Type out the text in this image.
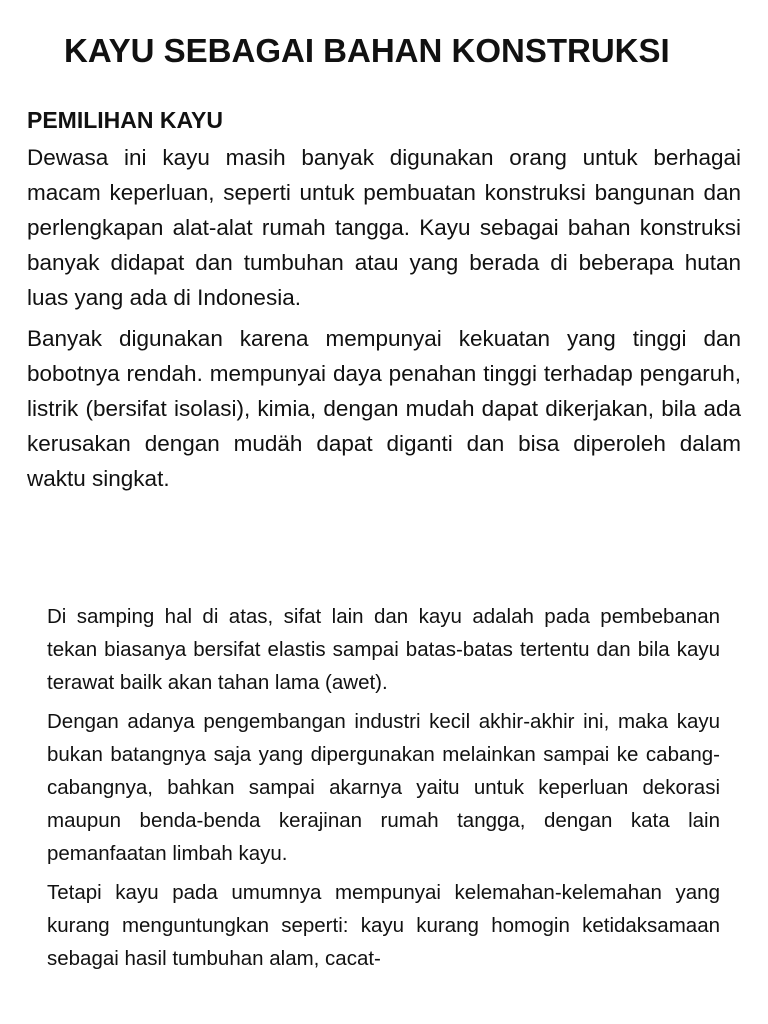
KAYU SEBAGAI BAHAN KONSTRUKSI
PEMILIHAN KAYU

Dewasa ini kayu masih banyak digunakan orang untuk berhagai macam keperluan, seperti untuk pembuatan konstruksi bangunan dan perlengkapan alat-alat rumah tangga. Kayu sebagai bahan konstruksi banyak didapat dan tumbuhan atau yang berada di beberapa hutan luas yang ada di Indonesia.

Banyak digunakan karena mempunyai kekuatan yang tinggi dan bobotnya rendah. mempunyai daya penahan tinggi terhadap pengaruh, listrik (bersifat isolasi), kimia, dengan mudah dapat dikerjakan, bila ada kerusakan dengan mudäh dapat diganti dan bisa diperoleh dalam waktu singkat.

Di samping hal di atas, sifat lain dan kayu adalah pada pembebanan tekan biasanya bersifat elastis sampai batas-batas tertentu dan bila kayu terawat bailk akan tahan lama (awet).

Dengan adanya pengembangan industri kecil akhir-akhir ini, maka kayu bukan batangnya saja yang dipergunakan melainkan sampai ke cabang-cabangnya, bahkan sampai akarnya yaitu untuk keperluan dekorasi maupun benda-benda kerajinan rumah tangga, dengan kata lain pemanfaatan limbah kayu.

Tetapi kayu pada umumnya mempunyai kelemahan-kelemahan yang kurang menguntungkan seperti: kayu kurang homogin ketidaksamaan sebagai hasil tumbuhan alam, cacat-
